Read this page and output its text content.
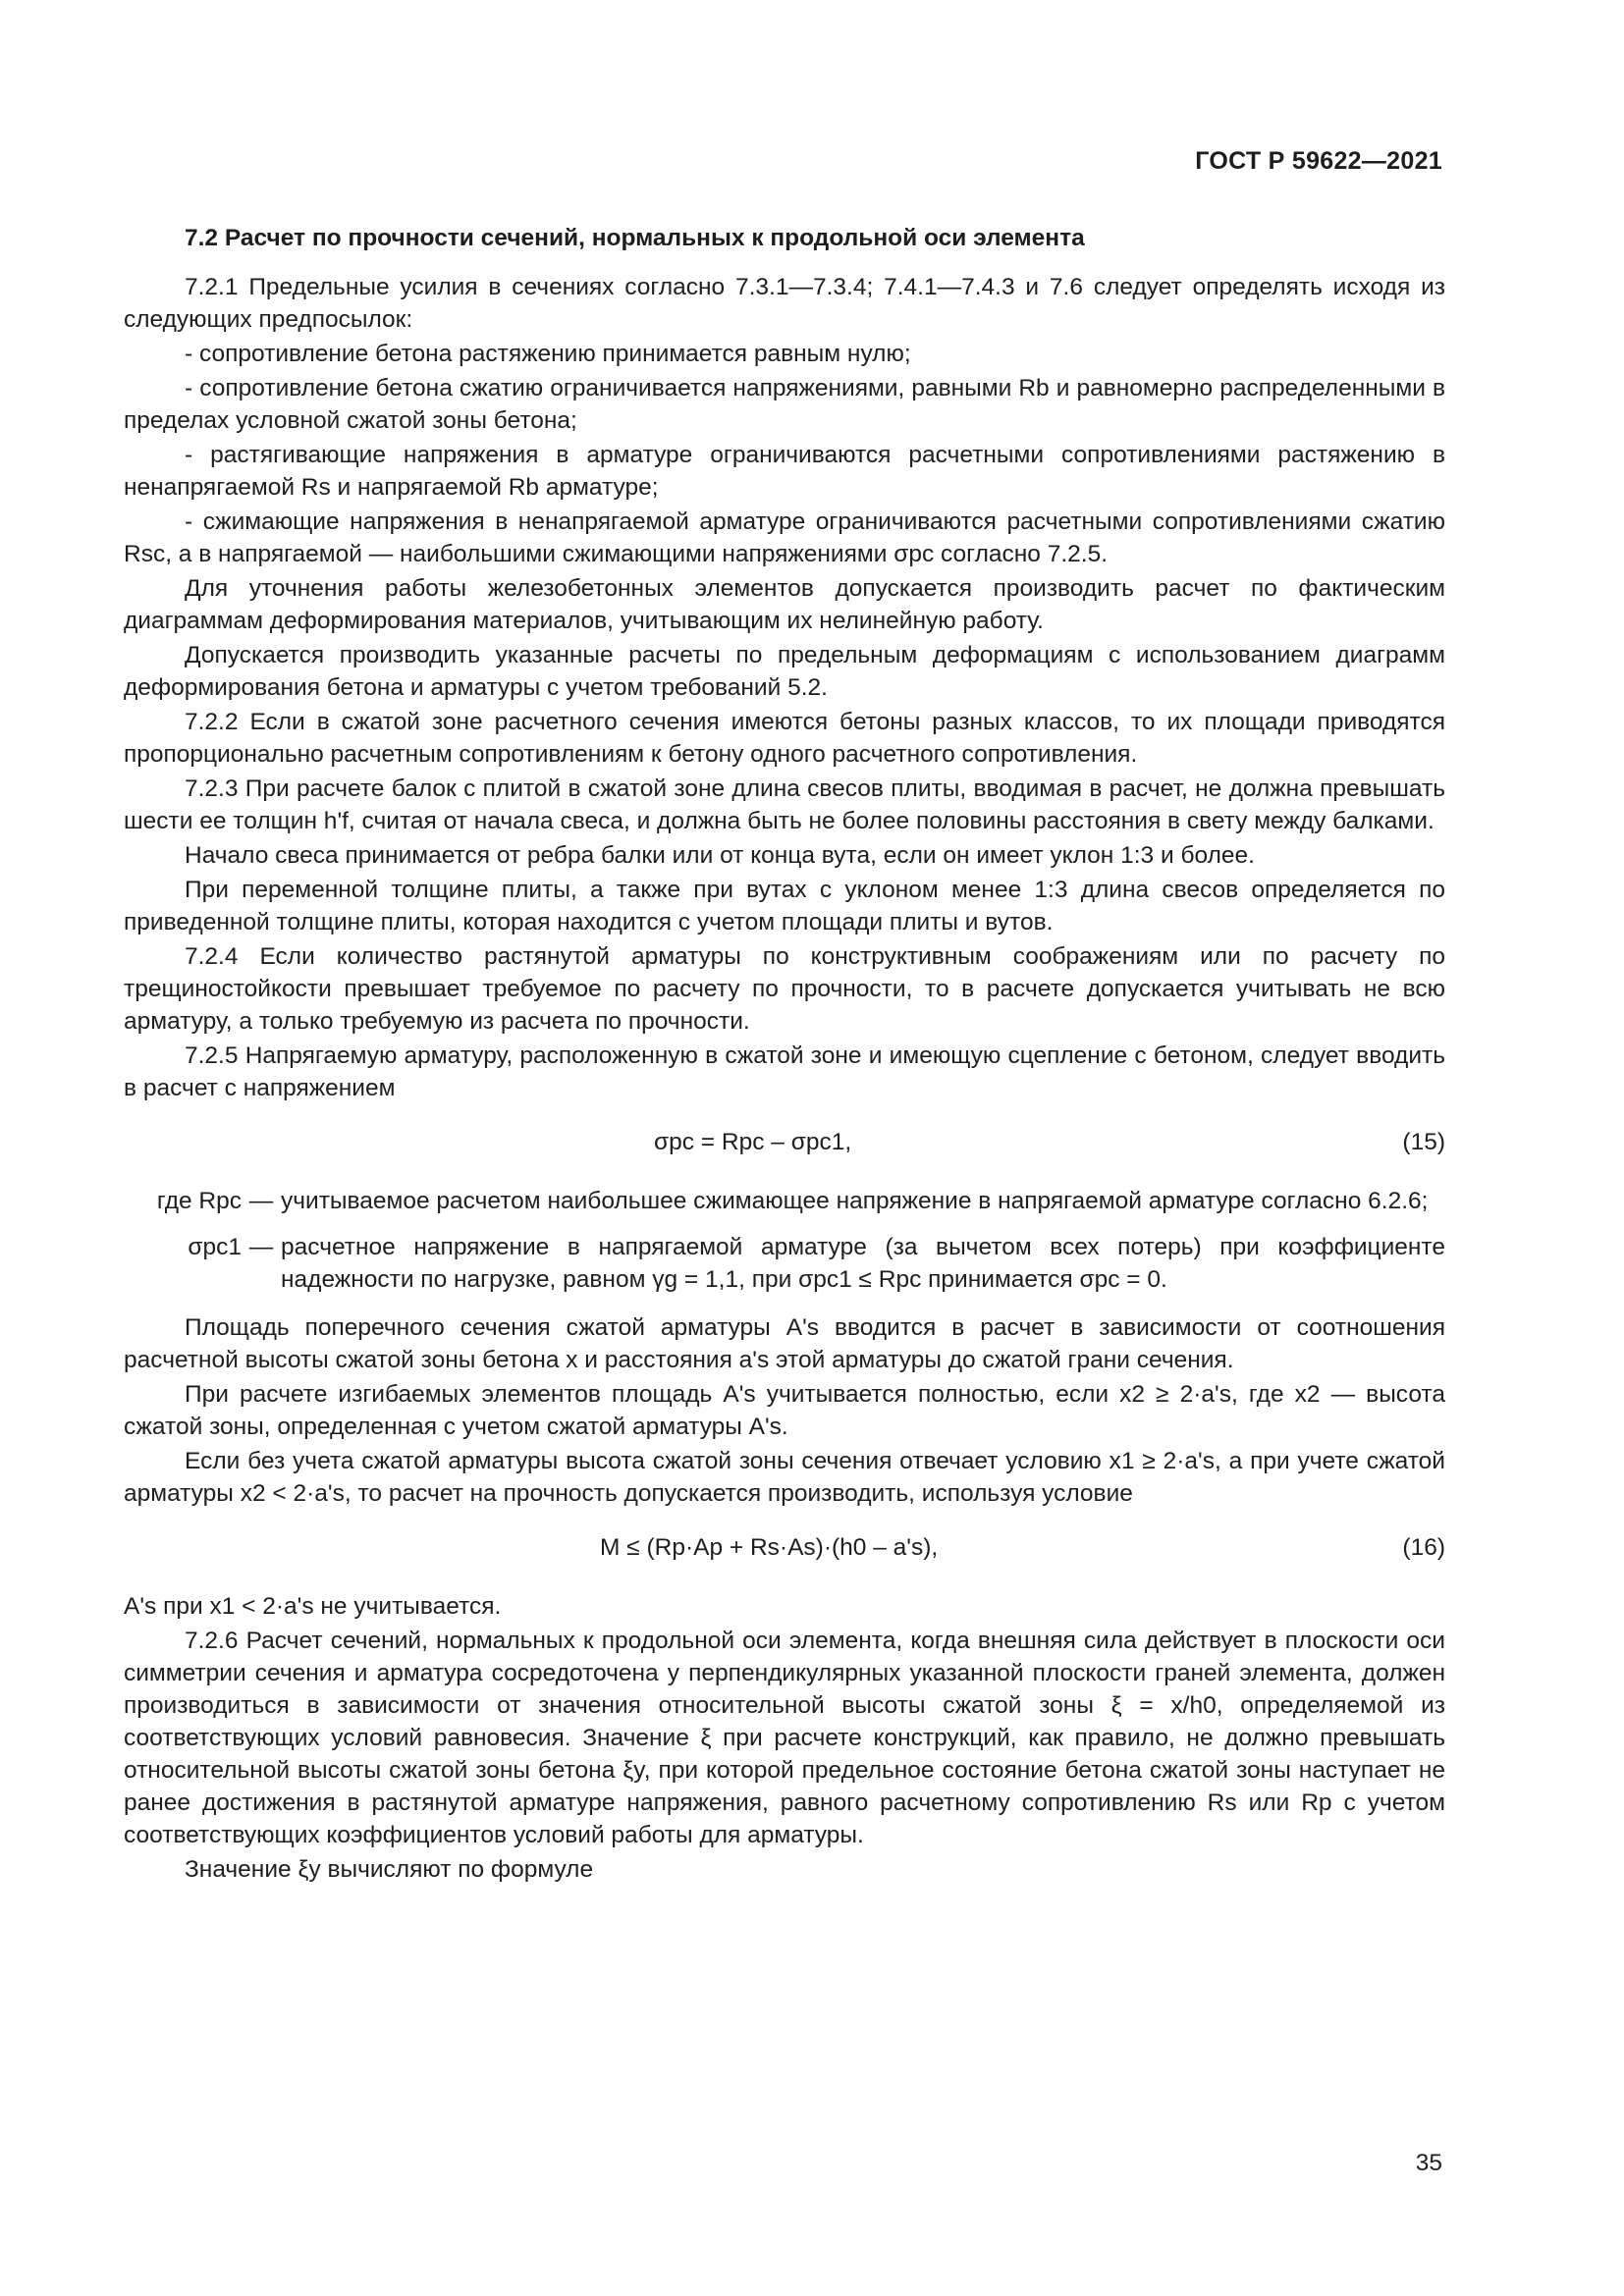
ГОСТ Р 59622—2021
7.2 Расчет по прочности сечений, нормальных к продольной оси элемента

7.2.1 Предельные усилия в сечениях согласно 7.3.1—7.3.4; 7.4.1—7.4.3 и 7.6 следует определять исходя из следующих предпосылок:

- сопротивление бетона растяжению принимается равным нулю;

- сопротивление бетона сжатию ограничивается напряжениями, равными Rb и равномерно распределенными в пределах условной сжатой зоны бетона;

- растягивающие напряжения в арматуре ограничиваются расчетными сопротивлениями растяжению в ненапрягаемой Rs и напрягаемой Rb арматуре;

- сжимающие напряжения в ненапрягаемой арматуре ограничиваются расчетными сопротивлениями сжатию Rsc, а в напрягаемой — наибольшими сжимающими напряжениями σpc согласно 7.2.5.

Для уточнения работы железобетонных элементов допускается производить расчет по фактическим диаграммам деформирования материалов, учитывающим их нелинейную работу.

Допускается производить указанные расчеты по предельным деформациям с использованием диаграмм деформирования бетона и арматуры с учетом требований 5.2.

7.2.2 Если в сжатой зоне расчетного сечения имеются бетоны разных классов, то их площади приводятся пропорционально расчетным сопротивлениям к бетону одного расчетного сопротивления.

7.2.3 При расчете балок с плитой в сжатой зоне длина свесов плиты, вводимая в расчет, не должна превышать шести ее толщин h'f, считая от начала свеса, и должна быть не более половины расстояния в свету между балками.

Начало свеса принимается от ребра балки или от конца вута, если он имеет уклон 1:3 и более.

При переменной толщине плиты, а также при вутах с уклоном менее 1:3 длина свесов определяется по приведенной толщине плиты, которая находится с учетом площади плиты и вутов.

7.2.4 Если количество растянутой арматуры по конструктивным соображениям или по расчету по трещиностойкости превышает требуемое по расчету по прочности, то в расчете допускается учитывать не всю арматуру, а только требуемую из расчета по прочности.

7.2.5 Напрягаемую арматуру, расположенную в сжатой зоне и имеющую сцепление с бетоном, следует вводить в расчет с напряжением

σpc = Rpc – σpc1,	(15)
где Rpc — учитываемое расчетом наибольшее сжимающее напряжение в напрягаемой арматуре согласно 6.2.6;
σpc1 — расчетное напряжение в напрягаемой арматуре (за вычетом всех потерь) при коэффициенте надежности по нагрузке, равном γg = 1,1, при σpc1 ≤ Rpc принимается σpc = 0.

Площадь поперечного сечения сжатой арматуры A's вводится в расчет в зависимости от соотношения расчетной высоты сжатой зоны бетона x и расстояния a's этой арматуры до сжатой грани сечения.

При расчете изгибаемых элементов площадь A's учитывается полностью, если x2 ≥ 2·a's, где x2 — высота сжатой зоны, определенная с учетом сжатой арматуры A's.

Если без учета сжатой арматуры высота сжатой зоны сечения отвечает условию x1 ≥ 2·a's, а при учете сжатой арматуры x2 < 2·a's, то расчет на прочность допускается производить, используя условие

M ≤ (Rp·Ap + Rs·As)·(h0 – a's),	(16)

A's при x1 < 2·a's не учитывается.

7.2.6 Расчет сечений, нормальных к продольной оси элемента, когда внешняя сила действует в плоскости оси симметрии сечения и арматура сосредоточена у перпендикулярных указанной плоскости граней элемента, должен производиться в зависимости от значения относительной высоты сжатой зоны ξ = x/h0, определяемой из соответствующих условий равновесия. Значение ξ при расчете конструкций, как правило, не должно превышать относительной высоты сжатой зоны бетона ξy, при которой предельное состояние бетона сжатой зоны наступает не ранее достижения в растянутой арматуре напряжения, равного расчетному сопротивлению Rs или Rp с учетом соответствующих коэффициентов условий работы для арматуры.

Значение ξy вычисляют по формуле

35
